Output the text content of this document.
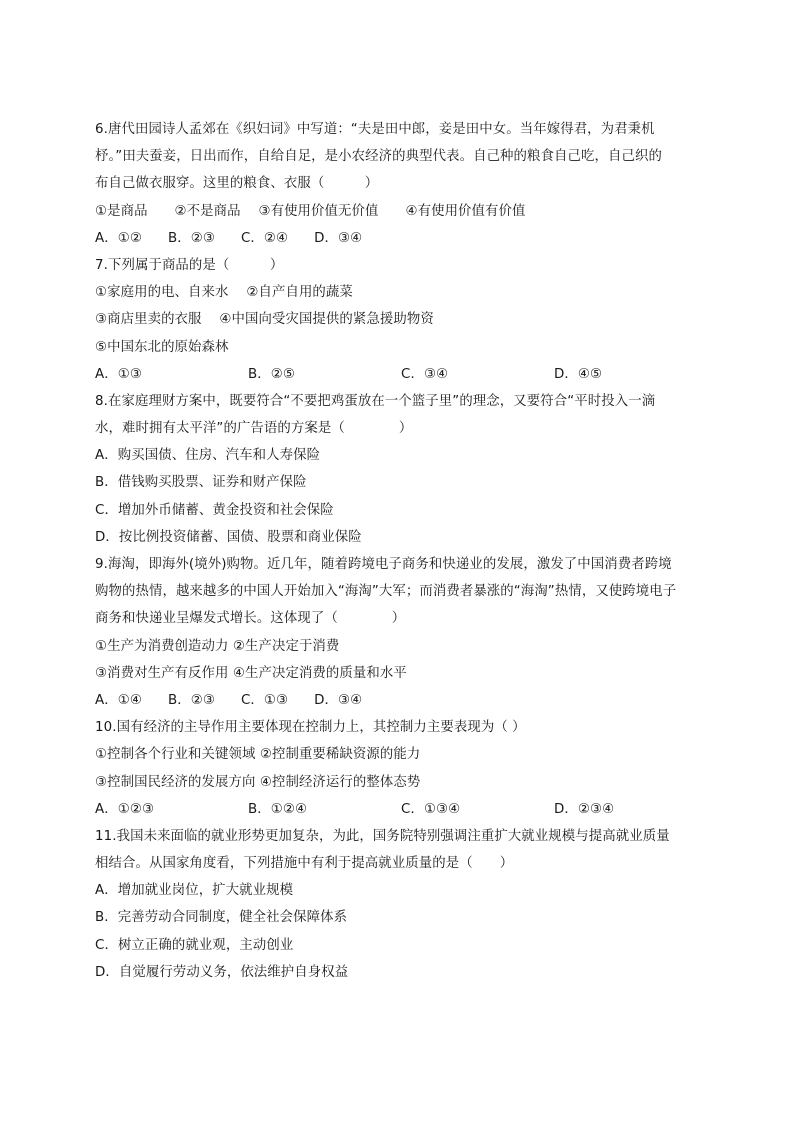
6.唐代田园诗人孟郊在《织妇词》中写道：“夫是田中郎，妾是田中女。当年嫁得君，为君秉机
杼。”田夫蚕妾，日出而作，自给自足，是小农经济的典型代表。自己种的粮食自己吃，自己织的
布自己做衣服穿。这里的粮食、衣服（　　　）
①是商品　　②不是商品　 ③有使用价值无价值　　④有使用价值有价值
A．①② B．②③ C．②④ D．③④
7.下列属于商品的是（　　　）
①家庭用的电、自来水　 ②自产自用的蔬菜
③商店里卖的衣服　 ④中国向受灾国提供的紧急援助物资
⑤中国东北的原始森林
A．①③	B．②⑤	C．③④	D．④⑤
8.在家庭理财方案中，既要符合“不要把鸡蛋放在一个篮子里”的理念，又要符合“平时投入一滴
水，难时拥有太平洋”的广告语的方案是（　　　　）
A．购买国债、住房、汽车和人寿保险
B．借钱购买股票、证券和财产保险
C．增加外币储蓄、黄金投资和社会保险
D．按比例投资储蓄、国债、股票和商业保险
9.海淘，即海外(境外)购物。近几年，随着跨境电子商务和快递业的发展，激发了中国消费者跨境
购物的热情，越来越多的中国人开始加入“海淘”大军；而消费者暴涨的“海淘”热情，又使跨境电子
商务和快递业呈爆发式增长。这体现了（　　　　）
①生产为消费创造动力 ②生产决定于消费
③消费对生产有反作用 ④生产决定消费的质量和水平
A．①④ B．②③ C．①③ D．③④
10.国有经济的主导作用主要体现在控制力上，其控制力主要表现为（ ）
①控制各个行业和关键领域 ②控制重要稀缺资源的能力
③控制国民经济的发展方向 ④控制经济运行的整体态势
A．①②③	B．①②④	C．①③④	D．②③④
11.我国未来面临的就业形势更加复杂，为此，国务院特别强调注重扩大就业规模与提高就业质量
相结合。从国家角度看，下列措施中有利于提高就业质量的是（　　）
A．增加就业岗位，扩大就业规模
B．完善劳动合同制度，健全社会保障体系
C．树立正确的就业观，主动创业
D．自觉履行劳动义务，依法维护自身权益
